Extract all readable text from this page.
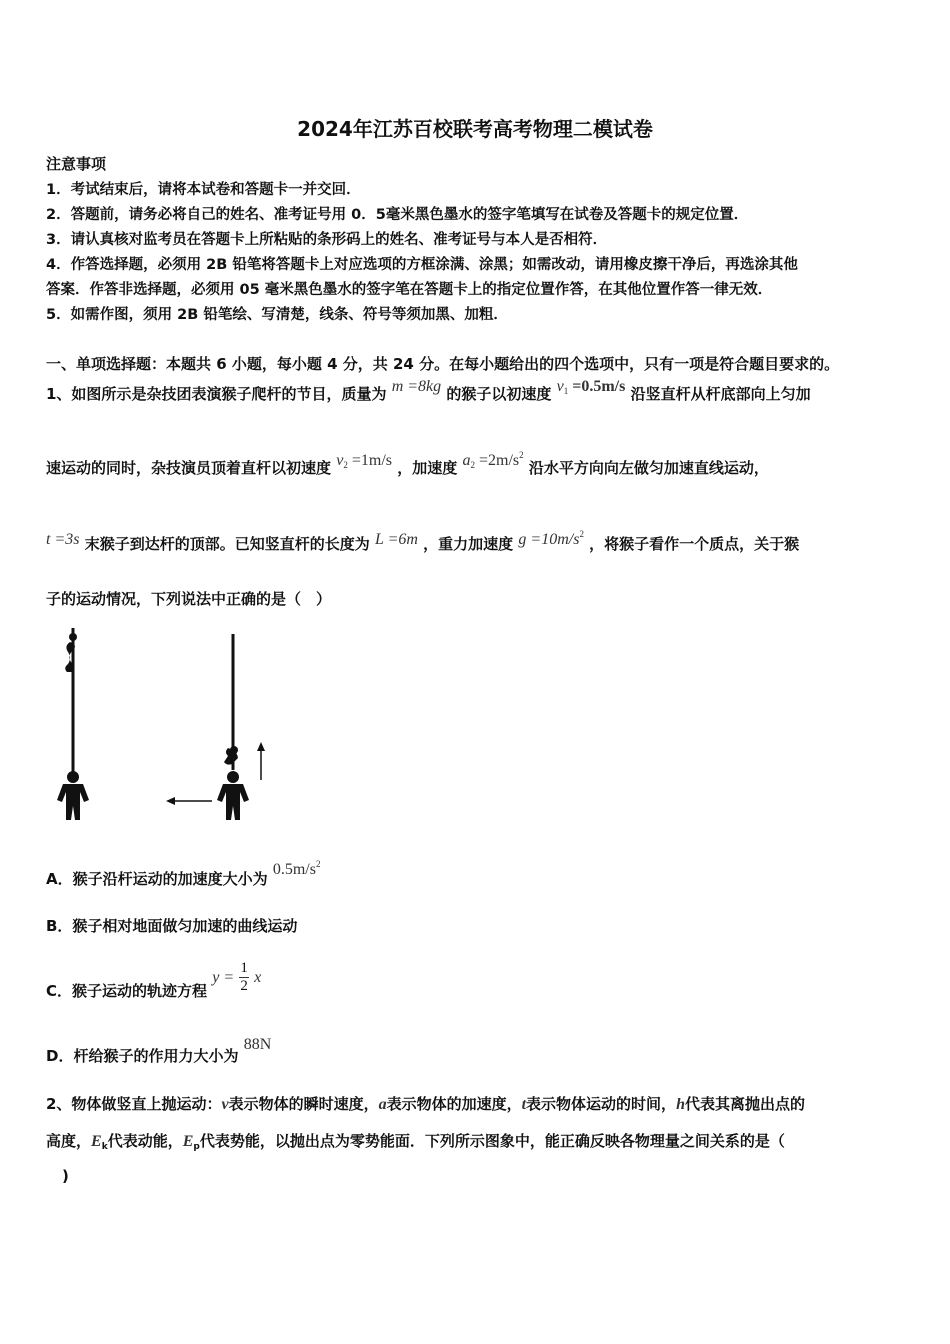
2024年江苏百校联考高考物理二模试卷
注意事项
1．考试结束后，请将本试卷和答题卡一并交回．
2．答题前，请务必将自己的姓名、准考证号用 0．5毫米黑色墨水的签字笔填写在试卷及答题卡的规定位置．
3．请认真核对监考员在答题卡上所粘贴的条形码上的姓名、准考证号与本人是否相符．
4．作答选择题，必须用 2B 铅笔将答题卡上对应选项的方框涂满、涂黑；如需改动，请用橡皮擦干净后，再选涂其他
答案．作答非选择题，必须用 05 毫米黑色墨水的签字笔在答题卡上的指定位置作答，在其他位置作答一律无效．
5．如需作图，须用 2B 铅笔绘、写清楚，线条、符号等须加黑、加粗．
一、单项选择题：本题共 6 小题，每小题 4 分，共 24 分。在每小题给出的四个选项中，只有一项是符合题目要求的。
1、如图所示是杂技团表演猴子爬杆的节目，质量为 m =8kg 的猴子以初速度 $v_1 =0.5m/s$ 沿竖直杆从杆底部向上匀加
速运动的同时，杂技演员顶着直杆以初速度 $v_2 =1m/s$ ，加速度 $a_2 =2m/s^2$ 沿水平方向向左做匀加速直线运动，
t =3s 末猴子到达杆的顶部。已知竖直杆的长度为 L =6m ，重力加速度 $g =10m/s^2$ ，将猴子看作一个质点，关于猴
子的运动情况，下列说法中正确的是（　）
A．猴子沿杆运动的加速度大小为 $0.5m/s^2$
B．猴子相对地面做匀加速的曲线运动
C．猴子运动的轨迹方程 $y = \frac{1}{2}$ x
D．杆给猴子的作用力大小为 88N
2、物体做竖直上抛运动：v表示物体的瞬时速度，a表示物体的加速度，t表示物体运动的时间，h代表其离抛出点的
高度，$E_k$代表动能，$E_p$代表势能，以抛出点为零势能面．下列所示图象中，能正确反映各物理量之间关系的是（
)
